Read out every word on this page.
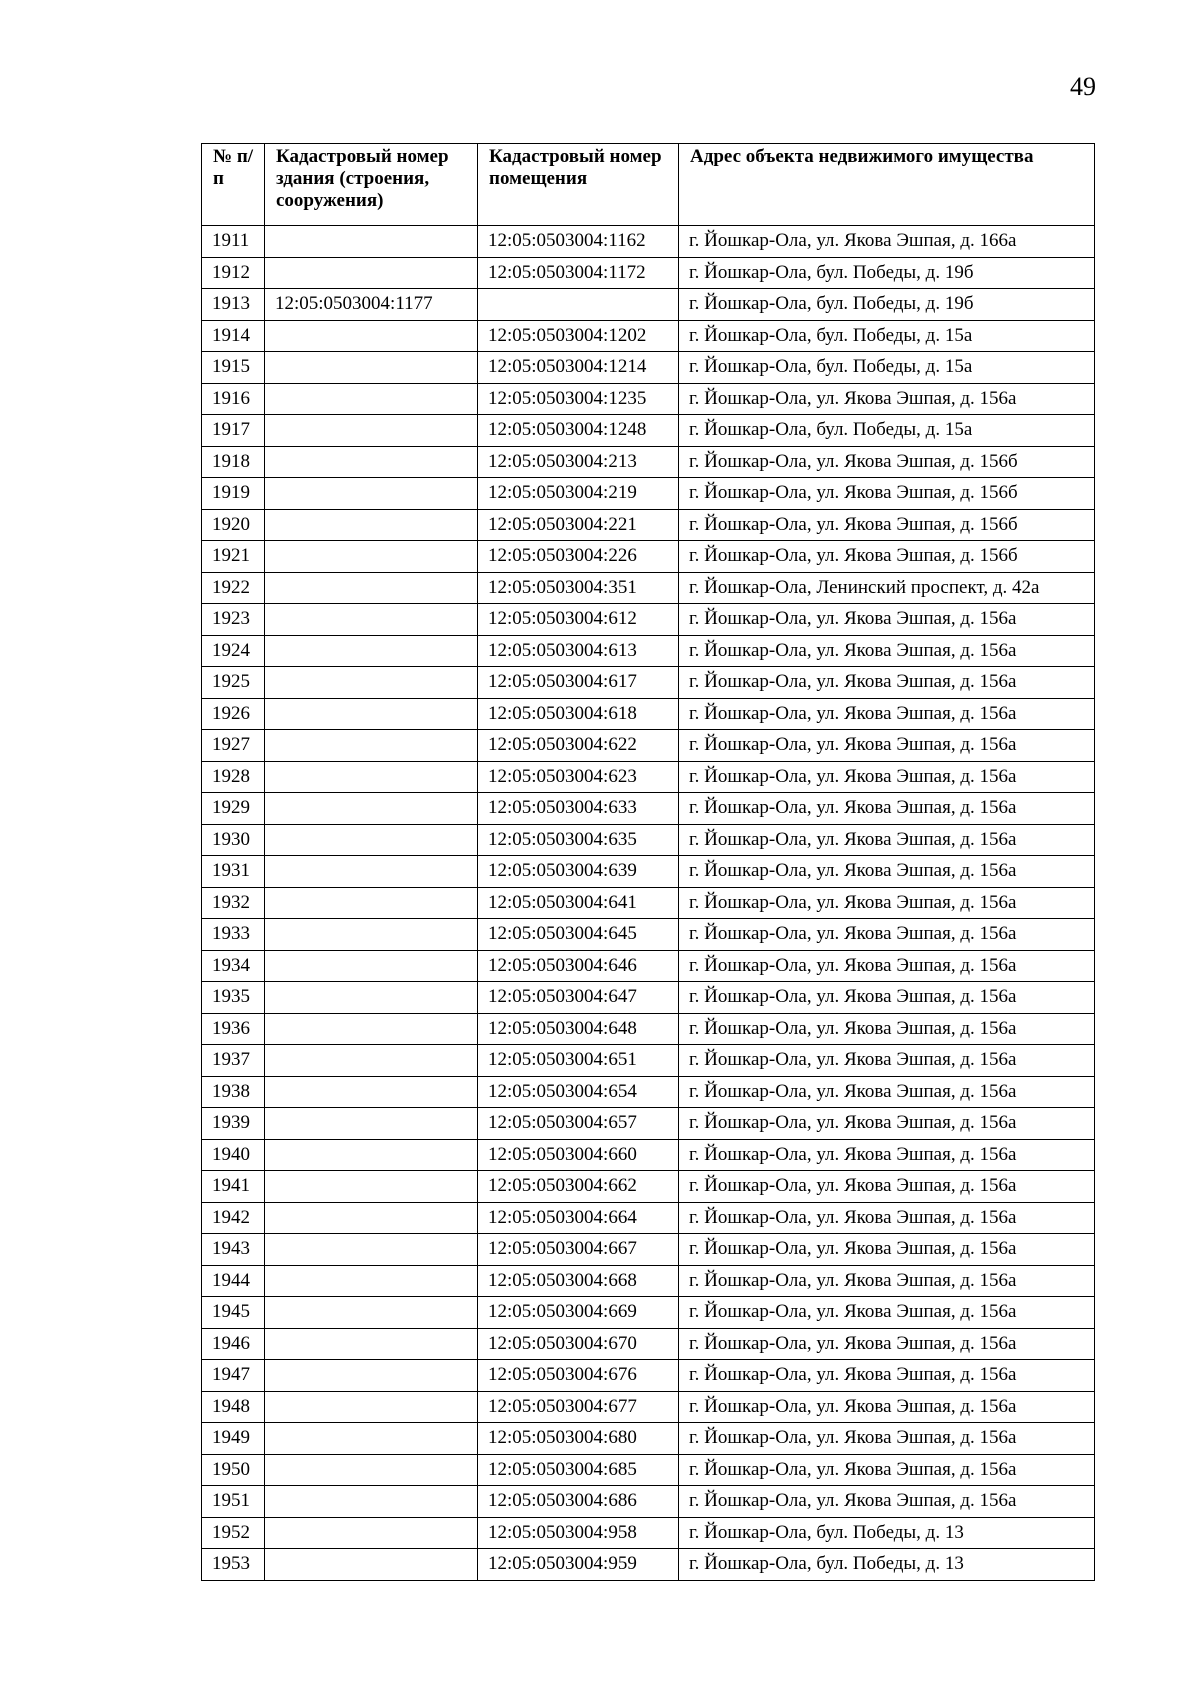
49
№ п/п	Кадастровый номер здания (строения, сооружения)	Кадастровый номер помещения	Адрес объекта недвижимого имущества
1911		12:05:0503004:1162	г. Йошкар-Ола, ул. Якова Эшпая, д. 166а
1912		12:05:0503004:1172	г. Йошкар-Ола, бул. Победы, д. 19б
1913	12:05:0503004:1177		г. Йошкар-Ола, бул. Победы, д. 19б
1914		12:05:0503004:1202	г. Йошкар-Ола, бул. Победы, д. 15а
1915		12:05:0503004:1214	г. Йошкар-Ола, бул. Победы, д. 15а
1916		12:05:0503004:1235	г. Йошкар-Ола, ул. Якова Эшпая, д. 156а
1917		12:05:0503004:1248	г. Йошкар-Ола, бул. Победы, д. 15а
1918		12:05:0503004:213	г. Йошкар-Ола, ул. Якова Эшпая, д. 156б
1919		12:05:0503004:219	г. Йошкар-Ола, ул. Якова Эшпая, д. 156б
1920		12:05:0503004:221	г. Йошкар-Ола, ул. Якова Эшпая, д. 156б
1921		12:05:0503004:226	г. Йошкар-Ола, ул. Якова Эшпая, д. 156б
1922		12:05:0503004:351	г. Йошкар-Ола, Ленинский проспект, д. 42а
1923		12:05:0503004:612	г. Йошкар-Ола, ул. Якова Эшпая, д. 156а
1924		12:05:0503004:613	г. Йошкар-Ола, ул. Якова Эшпая, д. 156а
1925		12:05:0503004:617	г. Йошкар-Ола, ул. Якова Эшпая, д. 156а
1926		12:05:0503004:618	г. Йошкар-Ола, ул. Якова Эшпая, д. 156а
1927		12:05:0503004:622	г. Йошкар-Ола, ул. Якова Эшпая, д. 156а
1928		12:05:0503004:623	г. Йошкар-Ола, ул. Якова Эшпая, д. 156а
1929		12:05:0503004:633	г. Йошкар-Ола, ул. Якова Эшпая, д. 156а
1930		12:05:0503004:635	г. Йошкар-Ола, ул. Якова Эшпая, д. 156а
1931		12:05:0503004:639	г. Йошкар-Ола, ул. Якова Эшпая, д. 156а
1932		12:05:0503004:641	г. Йошкар-Ола, ул. Якова Эшпая, д. 156а
1933		12:05:0503004:645	г. Йошкар-Ола, ул. Якова Эшпая, д. 156а
1934		12:05:0503004:646	г. Йошкар-Ола, ул. Якова Эшпая, д. 156а
1935		12:05:0503004:647	г. Йошкар-Ола, ул. Якова Эшпая, д. 156а
1936		12:05:0503004:648	г. Йошкар-Ола, ул. Якова Эшпая, д. 156а
1937		12:05:0503004:651	г. Йошкар-Ола, ул. Якова Эшпая, д. 156а
1938		12:05:0503004:654	г. Йошкар-Ола, ул. Якова Эшпая, д. 156а
1939		12:05:0503004:657	г. Йошкар-Ола, ул. Якова Эшпая, д. 156а
1940		12:05:0503004:660	г. Йошкар-Ола, ул. Якова Эшпая, д. 156а
1941		12:05:0503004:662	г. Йошкар-Ола, ул. Якова Эшпая, д. 156а
1942		12:05:0503004:664	г. Йошкар-Ола, ул. Якова Эшпая, д. 156а
1943		12:05:0503004:667	г. Йошкар-Ола, ул. Якова Эшпая, д. 156а
1944		12:05:0503004:668	г. Йошкар-Ола, ул. Якова Эшпая, д. 156а
1945		12:05:0503004:669	г. Йошкар-Ола, ул. Якова Эшпая, д. 156а
1946		12:05:0503004:670	г. Йошкар-Ола, ул. Якова Эшпая, д. 156а
1947		12:05:0503004:676	г. Йошкар-Ола, ул. Якова Эшпая, д. 156а
1948		12:05:0503004:677	г. Йошкар-Ола, ул. Якова Эшпая, д. 156а
1949		12:05:0503004:680	г. Йошкар-Ола, ул. Якова Эшпая, д. 156а
1950		12:05:0503004:685	г. Йошкар-Ола, ул. Якова Эшпая, д. 156а
1951		12:05:0503004:686	г. Йошкар-Ола, ул. Якова Эшпая, д. 156а
1952		12:05:0503004:958	г. Йошкар-Ола, бул. Победы, д. 13
1953		12:05:0503004:959	г. Йошкар-Ола, бул. Победы, д. 13
